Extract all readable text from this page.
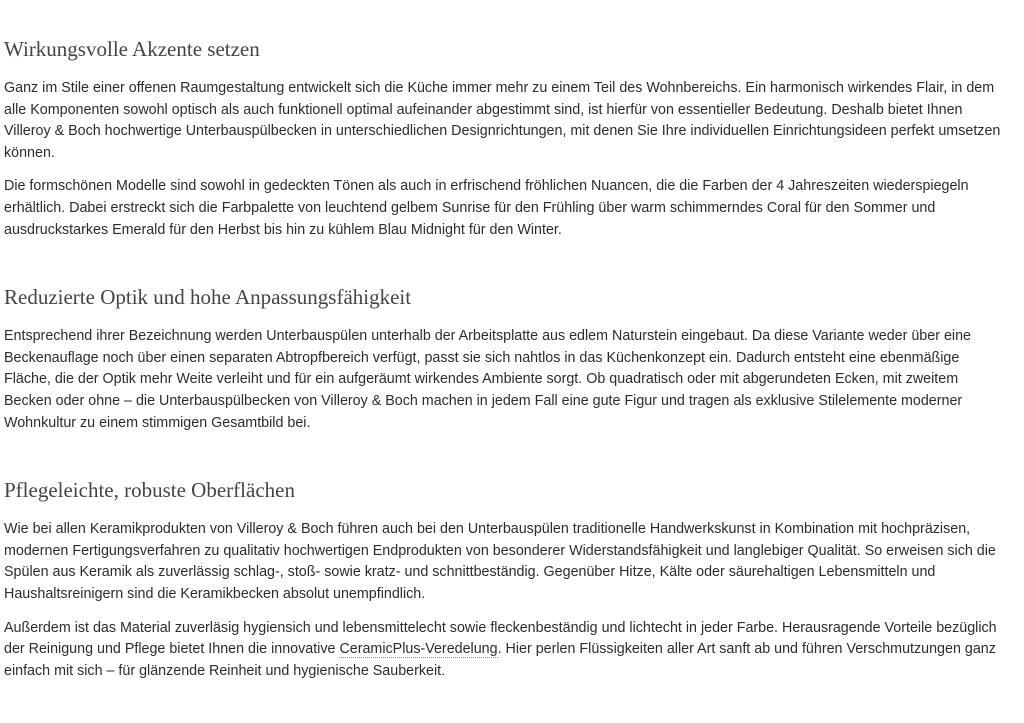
Wirkungsvolle Akzente setzen

Ganz im Stile einer offenen Raumgestaltung entwickelt sich die Küche immer mehr zu einem Teil des Wohnbereichs. Ein harmonisch wirkendes Flair, in dem alle Komponenten sowohl optisch als auch funktionell optimal aufeinander abgestimmt sind, ist hierfür von essentieller Bedeutung. Deshalb bietet Ihnen Villeroy & Boch hochwertige Unterbauspülbecken in unterschiedlichen Designrichtungen, mit denen Sie Ihre individuellen Einrichtungsideen perfekt umsetzen können.

Die formschönen Modelle sind sowohl in gedeckten Tönen als auch in erfrischend fröhlichen Nuancen, die die Farben der 4 Jahreszeiten wiederspiegeln erhältlich. Dabei erstreckt sich die Farbpalette von leuchtend gelbem Sunrise für den Frühling über warm schimmerndes Coral für den Sommer und ausdruckstarkes Emerald für den Herbst bis hin zu kühlem Blau Midnight für den Winter.

Reduzierte Optik und hohe Anpassungsfähigkeit

Entsprechend ihrer Bezeichnung werden Unterbauspülen unterhalb der Arbeitsplatte aus edlem Naturstein eingebaut. Da diese Variante weder über eine Beckenauflage noch über einen separaten Abtropfbereich verfügt, passt sie sich nahtlos in das Küchenkonzept ein. Dadurch entsteht eine ebenmäßige Fläche, die der Optik mehr Weite verleiht und für ein aufgeräumt wirkendes Ambiente sorgt. Ob quadratisch oder mit abgerundeten Ecken, mit zweitem Becken oder ohne – die Unterbauspülbecken von Villeroy & Boch machen in jedem Fall eine gute Figur und tragen als exklusive Stilelemente moderner Wohnkultur zu einem stimmigen Gesamtbild bei.

Pflegeleichte, robuste Oberflächen

Wie bei allen Keramikprodukten von Villeroy & Boch führen auch bei den Unterbauspülen traditionelle Handwerkskunst in Kombination mit hochpräzisen, modernen Fertigungsverfahren zu qualitativ hochwertigen Endprodukten von besonderer Widerstandsfähigkeit und langlebiger Qualität. So erweisen sich die Spülen aus Keramik als zuverlässig schlag-, stoß- sowie kratz- und schnittbeständig. Gegenüber Hitze, Kälte oder säurehaltigen Lebensmitteln und Haushaltsreinigern sind die Keramikbecken absolut unempfindlich.

Außerdem ist das Material zuverläsig hygiensich und lebensmittelecht sowie fleckenbeständig und lichtecht in jeder Farbe. Herausragende Vorteile bezüglich der Reinigung und Pflege bietet Ihnen die innovative CeramicPlus-Veredelung. Hier perlen Flüssigkeiten aller Art sanft ab und führen Verschmutzungen ganz einfach mit sich – für glänzende Reinheit und hygienische Sauberkeit.
